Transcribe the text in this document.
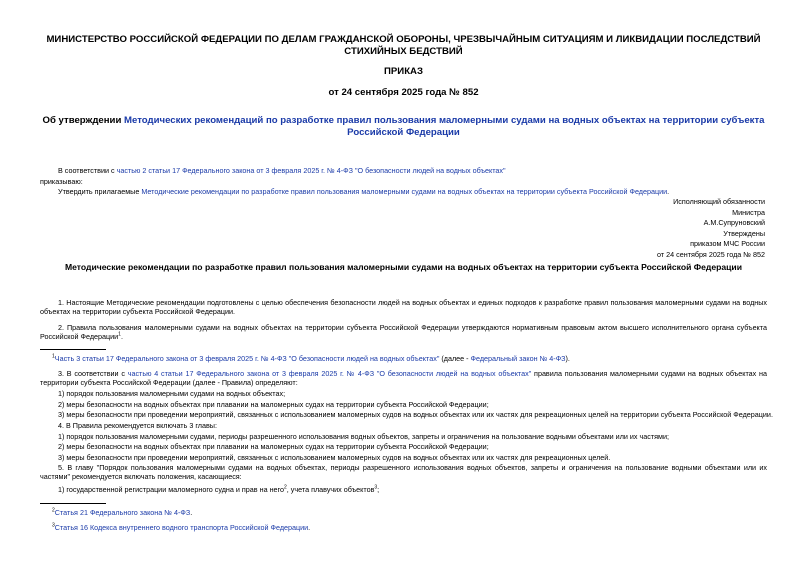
МИНИСТЕРСТВО РОССИЙСКОЙ ФЕДЕРАЦИИ ПО ДЕЛАМ ГРАЖДАНСКОЙ ОБОРОНЫ, ЧРЕЗВЫЧАЙНЫМ СИТУАЦИЯМ И ЛИКВИДАЦИИ ПОСЛЕДСТВИЙ СТИХИЙНЫХ БЕДСТВИЙ
ПРИКАЗ
от 24 сентября 2025 года № 852
Об утверждении Методических рекомендаций по разработке правил пользования маломерными судами на водных объектах на территории субъекта Российской Федерации
В соответствии с частью 2 статьи 17 Федерального закона от 3 февраля 2025 г. № 4-ФЗ "О безопасности людей на водных объектах"
приказываю:
Утвердить прилагаемые Методические рекомендации по разработке правил пользования маломерными судами на водных объектах на территории субъекта Российской Федерации.
Исполняющий обязанности
Министра
А.М.Супруновский
Утверждены
приказом МЧС России
от 24 сентября 2025 года № 852
Методические рекомендации по разработке правил пользования маломерными судами на водных объектах на территории субъекта Российской Федерации
1. Настоящие Методические рекомендации подготовлены с целью обеспечения безопасности людей на водных объектах и единых подходов к разработке правил пользования маломерными судами на водных объектах на территории субъекта Российской Федерации.
2. Правила пользования маломерными судами на водных объектах на территории субъекта Российской Федерации утверждаются нормативным правовым актом высшего исполнительного органа субъекта Российской Федерации$^1$.
$^1$Часть 3 статьи 17 Федерального закона от 3 февраля 2025 г. № 4-ФЗ "О безопасности людей на водных объектах" (далее - Федеральный закон № 4-ФЗ).
3. В соответствии с частью 4 статьи 17 Федерального закона от 3 февраля 2025 г. № 4-ФЗ "О безопасности людей на водных объектах" правила пользования маломерными судами на водных объектах на территории субъекта Российской Федерации (далее - Правила) определяют:
1) порядок пользования маломерными судами на водных объектах;
2) меры безопасности на водных объектах при плавании на маломерных судах на территории субъекта Российской Федерации;
3) меры безопасности при проведении мероприятий, связанных с использованием маломерных судов на водных объектах или их частях для рекреационных целей на территории субъекта Российской Федерации.
4. В Правила рекомендуется включать 3 главы:
1) порядок пользования маломерными судами, периоды разрешенного использования водных объектов, запреты и ограничения на пользование водными объектами или их частями;
2) меры безопасности на водных объектах при плавании на маломерных судах на территории субъекта Российской Федерации;
3) меры безопасности при проведении мероприятий, связанных с использованием маломерных судов на водных объектах или их частях для рекреационных целей.
5. В главу "Порядок пользования маломерными судами на водных объектах, периоды разрешенного использования водных объектов, запреты и ограничения на пользование водными объектами или их частями" рекомендуется включать положения, касающиеся:
1) государственной регистрации маломерного судна и прав на него$^2$, учета плавучих объектов$^3$;
$^2$Статья 21 Федерального закона № 4-ФЗ.
$^3$Статья 16 Кодекса внутреннего водного транспорта Российской Федерации.
